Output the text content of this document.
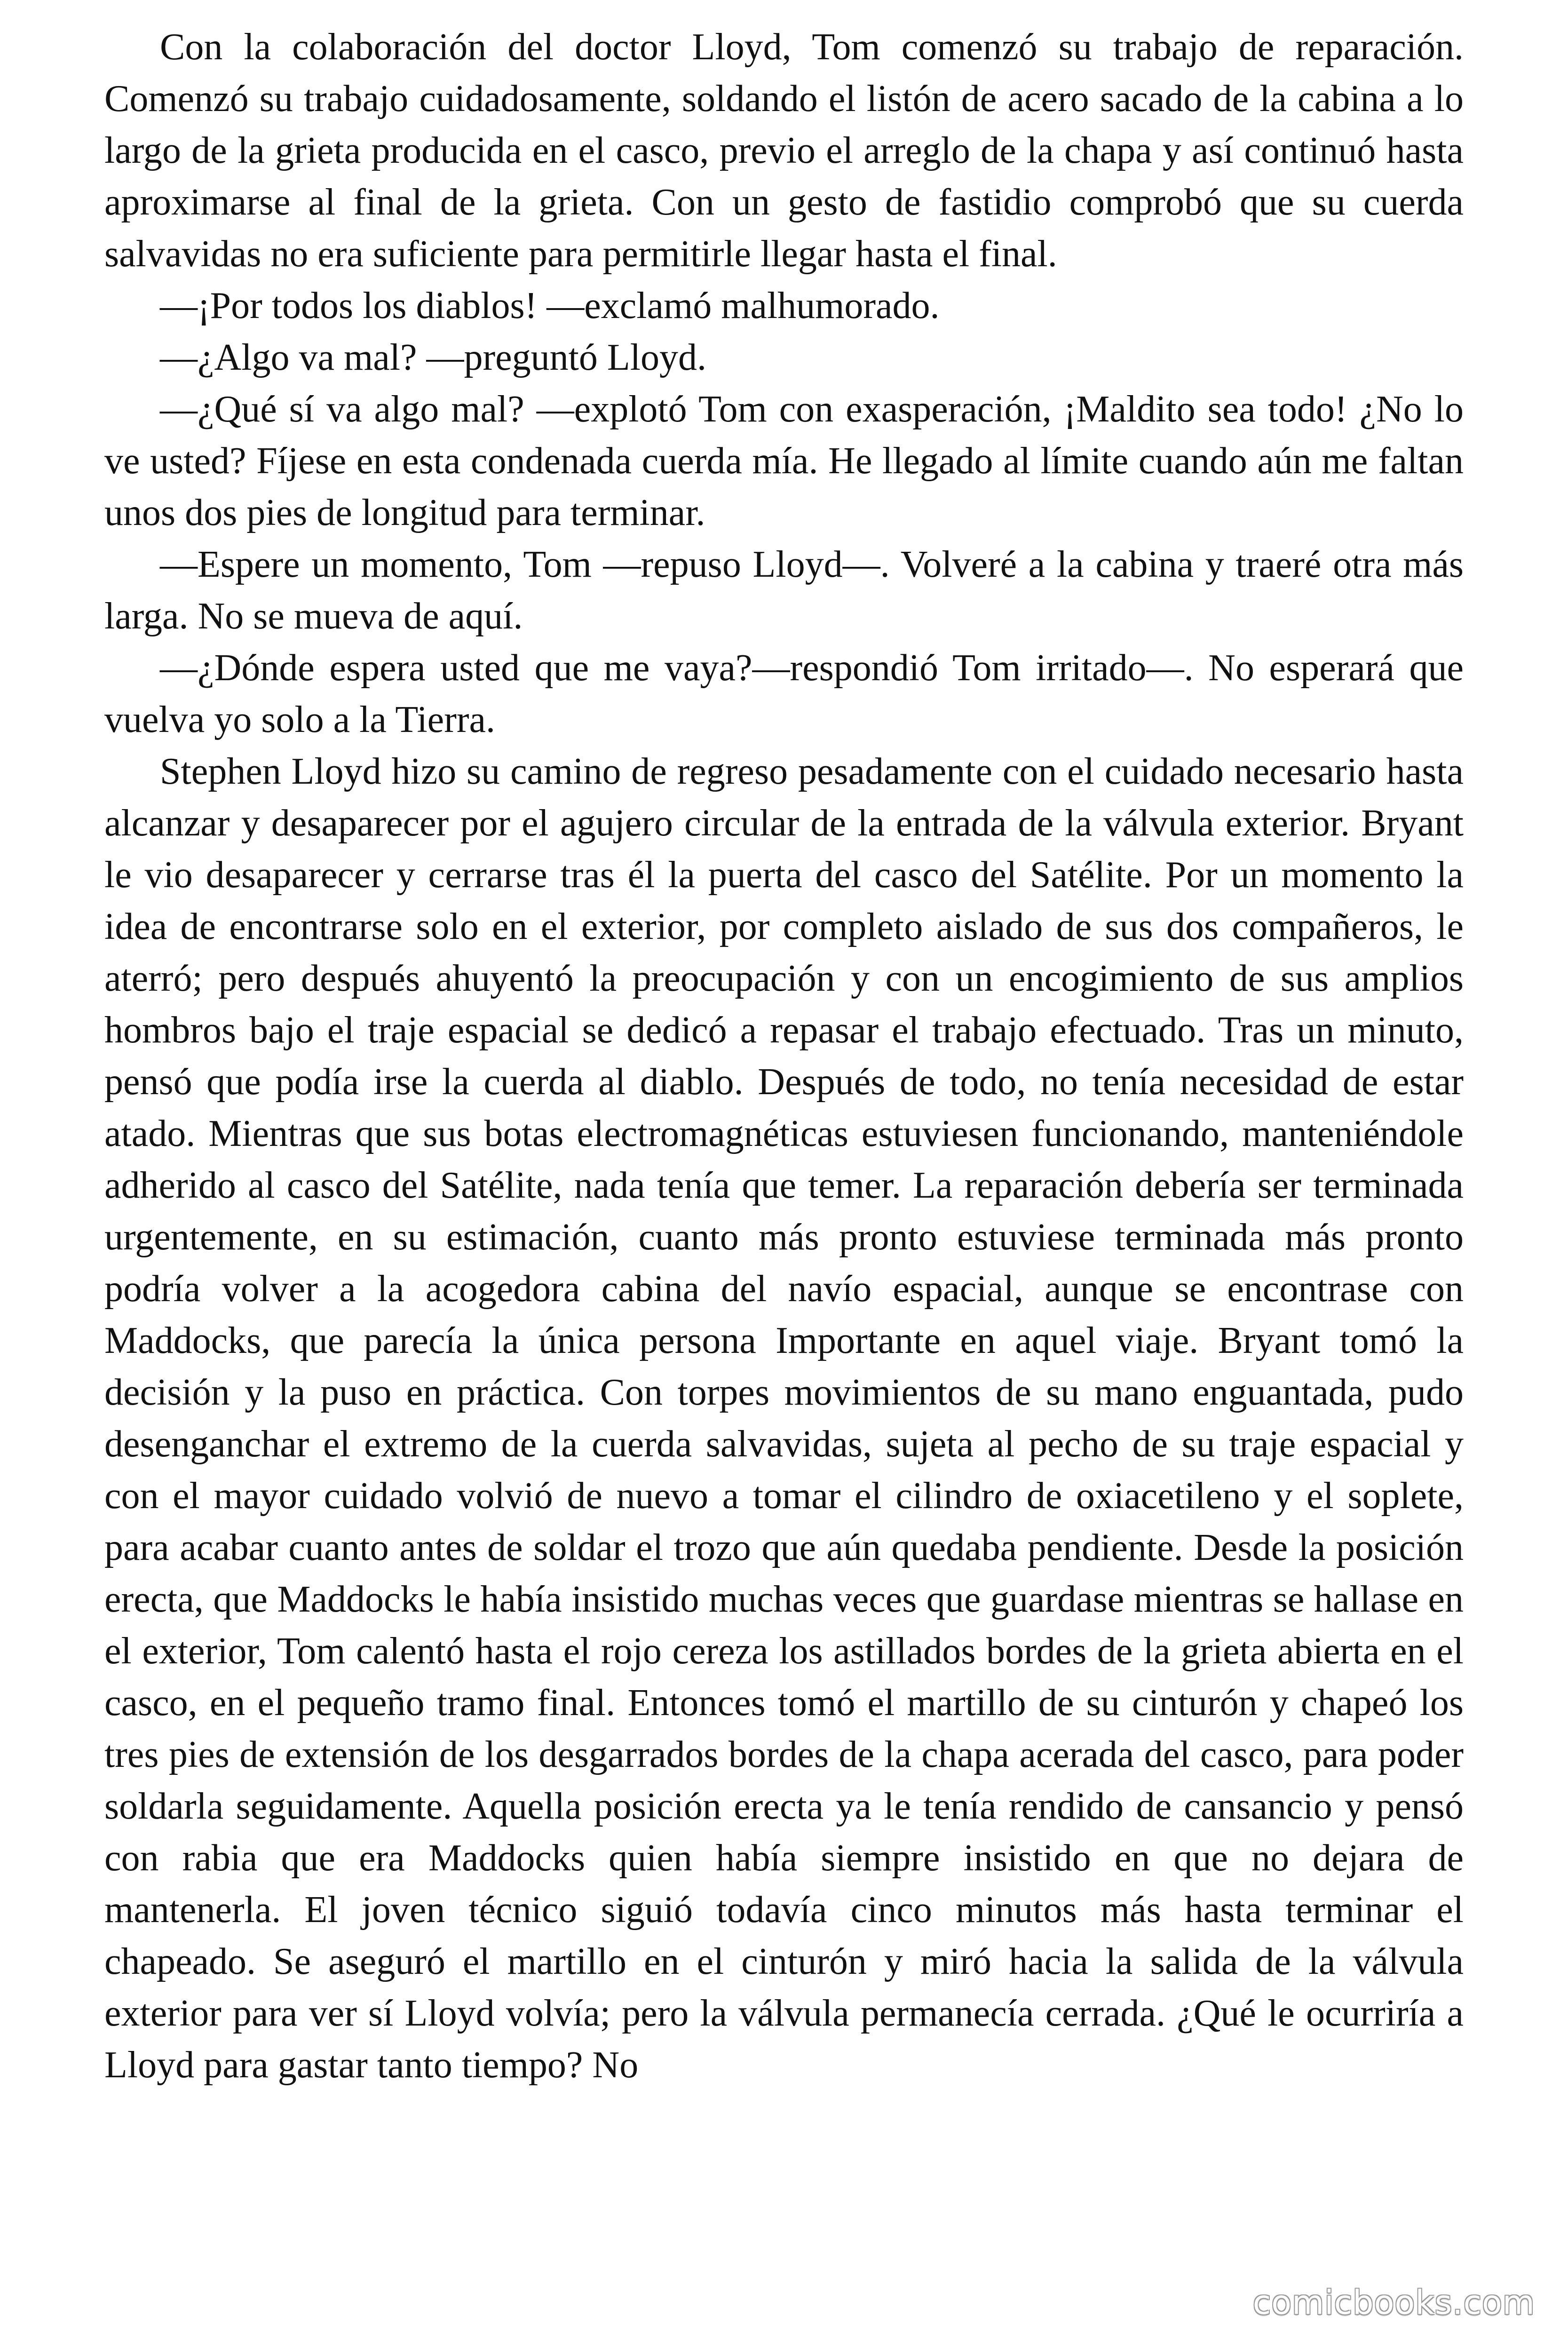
Con la colaboración del doctor Lloyd, Tom comenzó su trabajo de reparación. Comenzó su trabajo cuidadosamente, soldando el listón de acero sacado de la cabina a lo largo de la grieta producida en el casco, previo el arreglo de la chapa y así continuó hasta aproximarse al final de la grieta. Con un gesto de fastidio comprobó que su cuerda salvavidas no era suficiente para permitirle llegar hasta el final.

—¡Por todos los diablos! —exclamó malhumorado.

—¿Algo va mal? —preguntó Lloyd.

—¿Qué sí va algo mal? —explotó Tom con exasperación, ¡Maldito sea todo! ¿No lo ve usted? Fíjese en esta condenada cuerda mía. He llegado al límite cuando aún me faltan unos dos pies de longitud para terminar.

—Espere un momento, Tom —repuso Lloyd—. Volveré a la cabina y traeré otra más larga. No se mueva de aquí.

—¿Dónde espera usted que me vaya?—respondió Tom irritado—. No esperará que vuelva yo solo a la Tierra.

Stephen Lloyd hizo su camino de regreso pesadamente con el cuidado necesario hasta alcanzar y desaparecer por el agujero circular de la entrada de la válvula exterior. Bryant le vio desaparecer y cerrarse tras él la puerta del casco del Satélite. Por un momento la idea de encontrarse solo en el exterior, por completo aislado de sus dos compañeros, le aterró; pero después ahuyentó la preocupación y con un encogimiento de sus amplios hombros bajo el traje espacial se dedicó a repasar el trabajo efectuado. Tras un minuto, pensó que podía irse la cuerda al diablo. Después de todo, no tenía necesidad de estar atado. Mientras que sus botas electromagnéticas estuviesen funcionando, manteniéndole adherido al casco del Satélite, nada tenía que temer. La reparación debería ser terminada urgentemente, en su estimación, cuanto más pronto estuviese terminada más pronto podría volver a la acogedora cabina del navío espacial, aunque se encontrase con Maddocks, que parecía la única persona Importante en aquel viaje. Bryant tomó la decisión y la puso en práctica. Con torpes movimientos de su mano enguantada, pudo desenganchar el extremo de la cuerda salvavidas, sujeta al pecho de su traje espacial y con el mayor cuidado volvió de nuevo a tomar el cilindro de oxiacetileno y el soplete, para acabar cuanto antes de soldar el trozo que aún quedaba pendiente. Desde la posición erecta, que Maddocks le había insistido muchas veces que guardase mientras se hallase en el exterior, Tom calentó hasta el rojo cereza los astillados bordes de la grieta abierta en el casco, en el pequeño tramo final. Entonces tomó el martillo de su cinturón y chapeó los tres pies de extensión de los desgarrados bordes de la chapa acerada del casco, para poder soldarla seguidamente. Aquella posición erecta ya le tenía rendido de cansancio y pensó con rabia que era Maddocks quien había siempre insistido en que no dejara de mantenerla. El joven técnico siguió todavía cinco minutos más hasta terminar el chapeado. Se aseguró el martillo en el cinturón y miró hacia la salida de la válvula exterior para ver sí Lloyd volvía; pero la válvula permanecía cerrada. ¿Qué le ocurriría a Lloyd para gastar tanto tiempo? No

comicbooks.com
